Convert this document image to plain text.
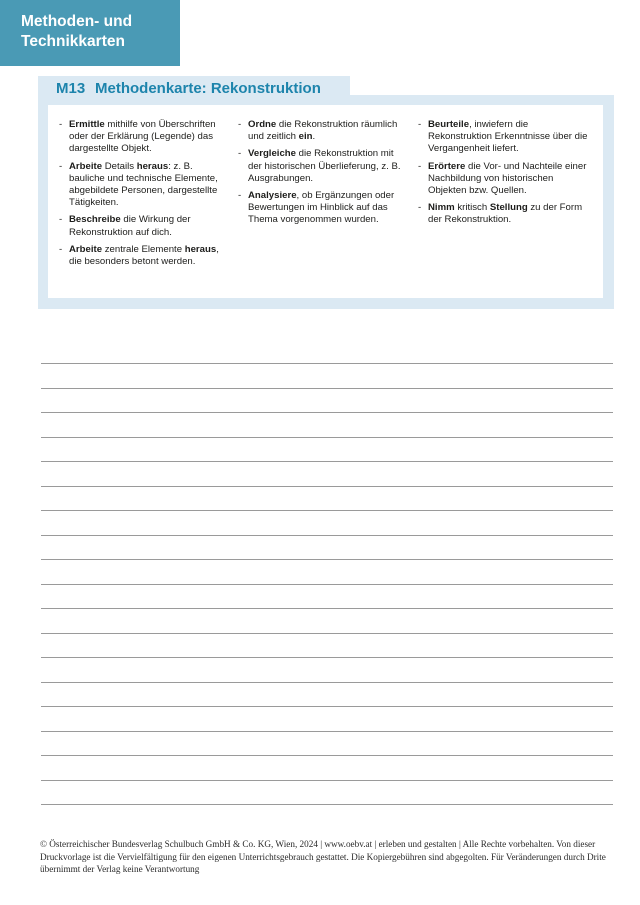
Methoden- und
Technikkarten
M13 Methodenkarte: Rekonstruktion
- Ermittle mithilfe von Überschriften oder der Erklärung (Legende) das dargestellte Objekt.
- Arbeite Details heraus: z. B. bauliche und technische Elemente, abgebildete Personen, dargestellte Tätigkeiten.
- Beschreibe die Wirkung der Rekonstruktion auf dich.
- Arbeite zentrale Elemente heraus, die besonders betont werden.
- Ordne die Rekonstruktion räumlich und zeitlich ein.
- Vergleiche die Rekonstruktion mit der historischen Überlieferung, z. B. Ausgrabungen.
- Analysiere, ob Ergänzungen oder Bewertungen im Hinblick auf das Thema vorgenommen wurden.
- Beurteile, inwiefern die Rekonstruktion Erkenntnisse über die Vergangenheit liefert.
- Erörtere die Vor- und Nachteile einer Nachbildung von historischen Objekten bzw. Quellen.
- Nimm kritisch Stellung zu der Form der Rekonstruktion.
© Österreichischer Bundesverlag Schulbuch GmbH & Co. KG, Wien, 2024 | www.oebv.at | erleben und gestalten | Alle Rechte vorbehalten. Von dieser Druckvorlage ist die Vervielfältigung für den eigenen Unterrichtsgebrauch gestattet. Die Kopiergebühren sind abgegolten. Für Veränderungen durch Drite übernimmt der Verlag keine Verantwortung
